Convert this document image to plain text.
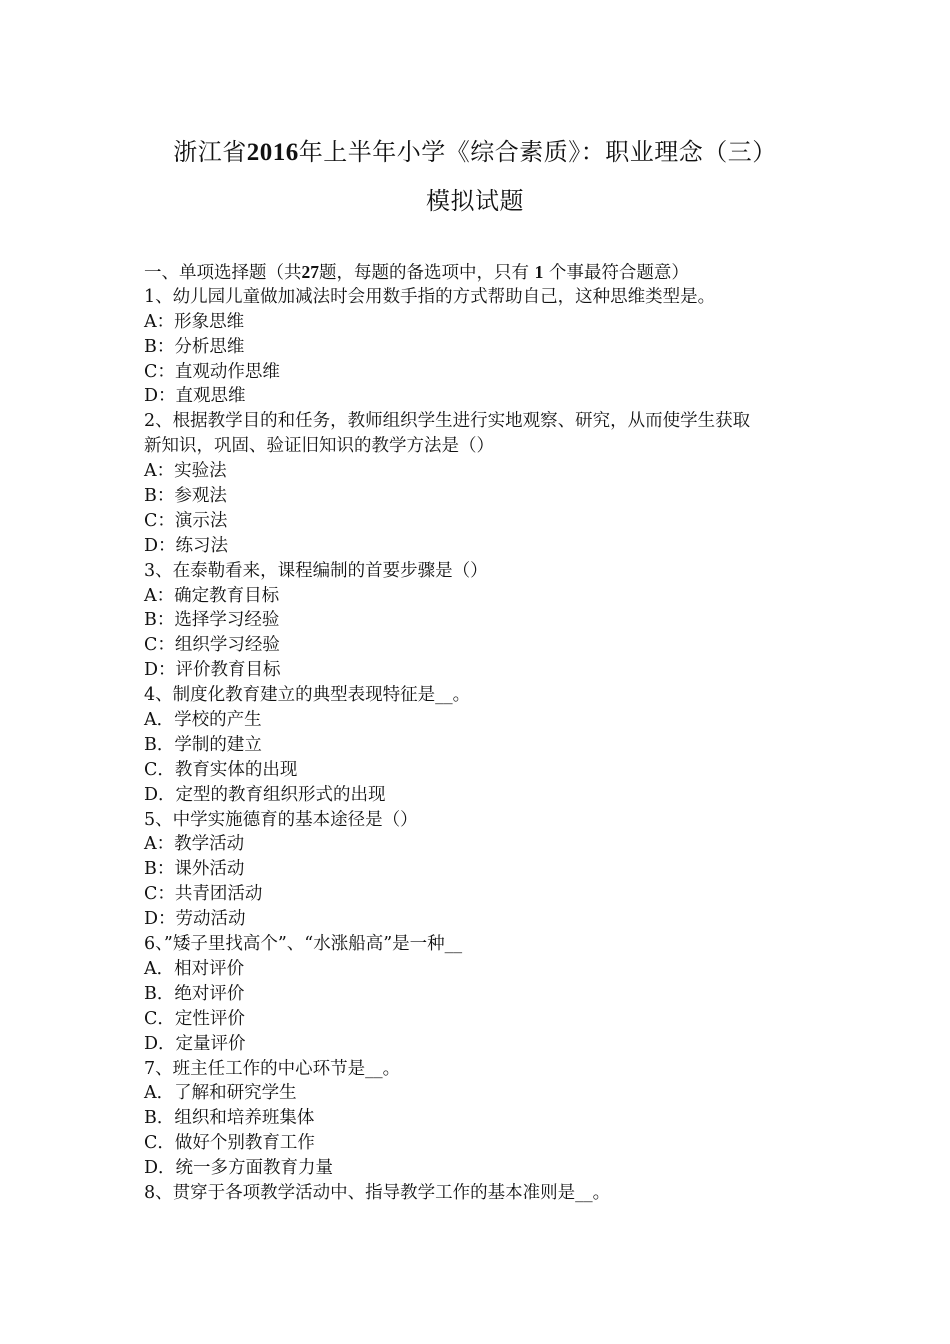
浙江省2016年上半年小学《综合素质》：职业理念（三）
模拟试题
一、单项选择题（共27题，每题的备选项中，只有 1 个事最符合题意）
1、幼儿园儿童做加减法时会用数手指的方式帮助自己，这种思维类型是。
A：形象思维
B：分析思维
C：直观动作思维
D：直观思维
2、根据教学目的和任务，教师组织学生进行实地观察、研究，从而使学生获取
新知识，巩固、验证旧知识的教学方法是（）
A：实验法
B：参观法
C：演示法
D：练习法
3、在泰勒看来，课程编制的首要步骤是（）
A：确定教育目标
B：选择学习经验
C：组织学习经验
D：评价教育目标
4、制度化教育建立的典型表现特征是__。
A．学校的产生
B．学制的建立
C．教育实体的出现
D．定型的教育组织形式的出现
5、中学实施德育的基本途径是（）
A：教学活动
B：课外活动
C：共青团活动
D：劳动活动
6、”矮子里找高个”、“水涨船高”是一种__
A．相对评价
B．绝对评价
C．定性评价
D．定量评价
7、班主任工作的中心环节是__。
A．了解和研究学生
B．组织和培养班集体
C．做好个别教育工作
D．统一多方面教育力量
8、贯穿于各项教学活动中、指导教学工作的基本准则是__。
